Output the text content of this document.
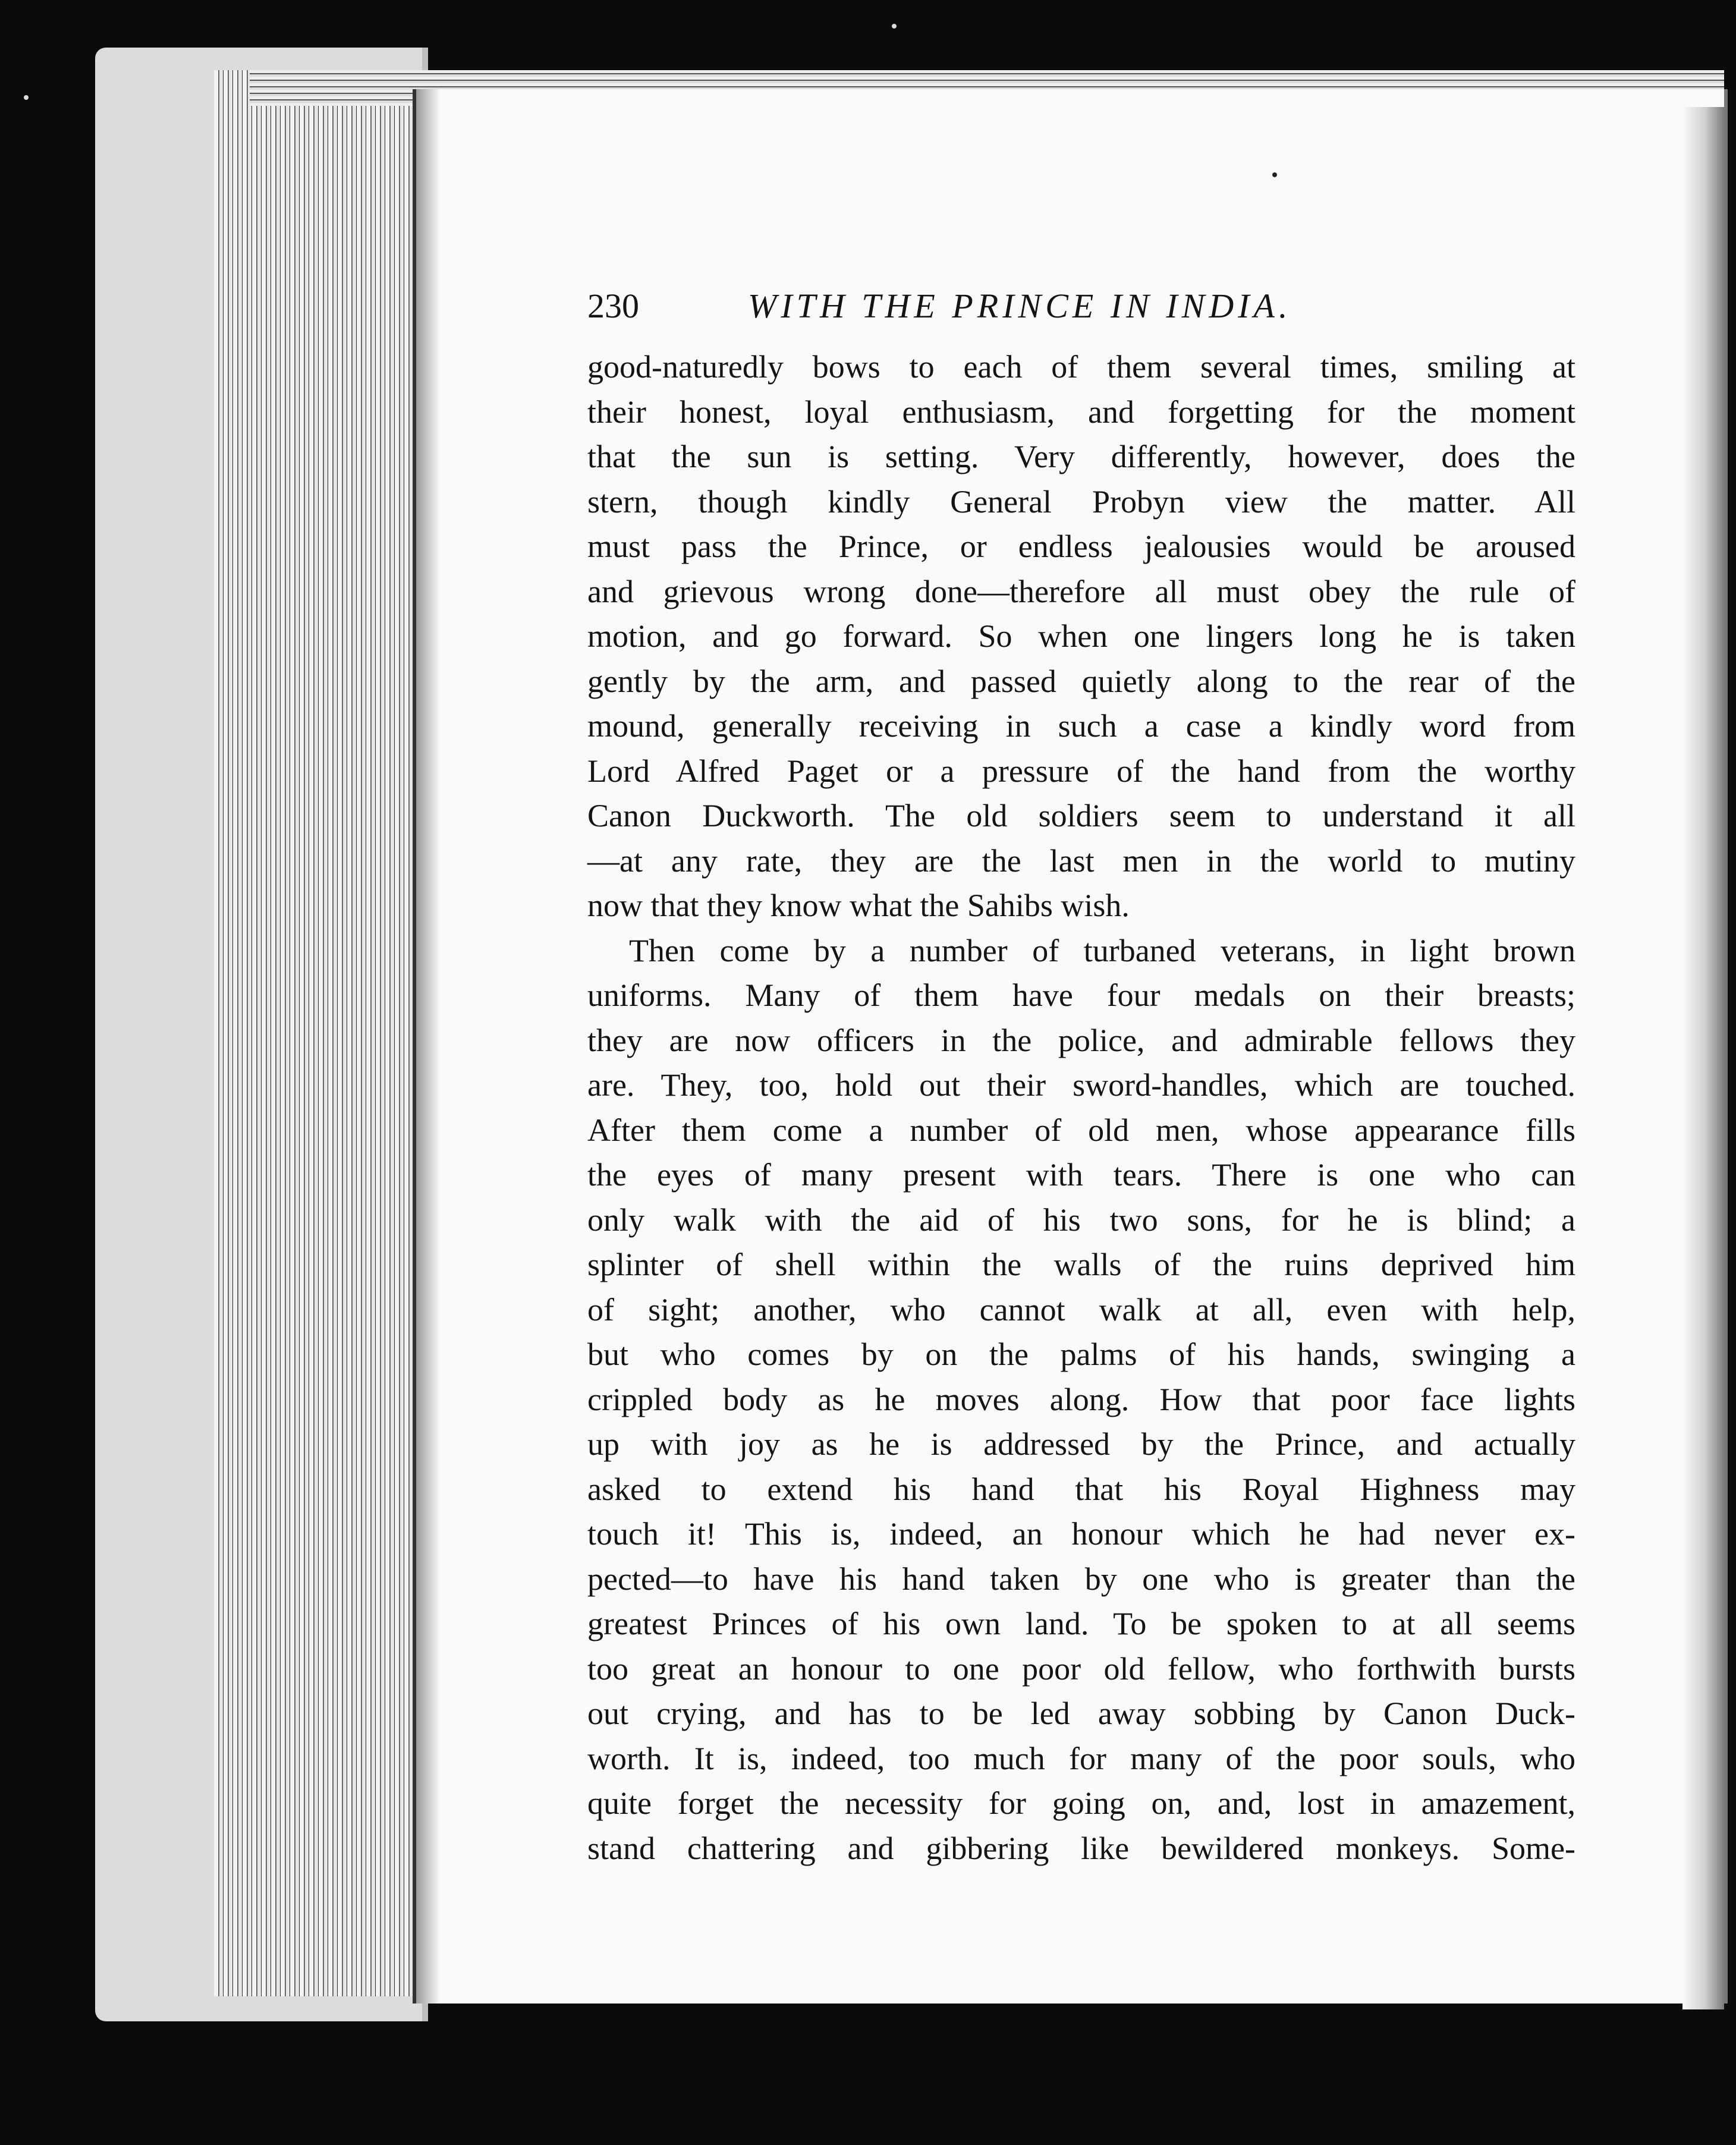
230	WITH THE PRINCE IN INDIA.
good-naturedly bows to each of them several times, smiling at
their honest, loyal enthusiasm, and forgetting for the moment
that the sun is setting. Very differently, however, does the
stern, though kindly General Probyn view the matter. All
must pass the Prince, or endless jealousies would be aroused
and grievous wrong done—therefore all must obey the rule of
motion, and go forward. So when one lingers long he is taken
gently by the arm, and passed quietly along to the rear of the
mound, generally receiving in such a case a kindly word from
Lord Alfred Paget or a pressure of the hand from the worthy
Canon Duckworth. The old soldiers seem to understand it all
—at any rate, they are the last men in the world to mutiny
now that they know what the Sahibs wish.
Then come by a number of turbaned veterans, in light brown
uniforms. Many of them have four medals on their breasts;
they are now officers in the police, and admirable fellows they
are. They, too, hold out their sword-handles, which are touched.
After them come a number of old men, whose appearance fills
the eyes of many present with tears. There is one who can
only walk with the aid of his two sons, for he is blind; a
splinter of shell within the walls of the ruins deprived him
of sight; another, who cannot walk at all, even with help,
but who comes by on the palms of his hands, swinging a
crippled body as he moves along. How that poor face lights
up with joy as he is addressed by the Prince, and actually
asked to extend his hand that his Royal Highness may
touch it! This is, indeed, an honour which he had never ex-
pected—to have his hand taken by one who is greater than the
greatest Princes of his own land. To be spoken to at all seems
too great an honour to one poor old fellow, who forthwith bursts
out crying, and has to be led away sobbing by Canon Duck-
worth. It is, indeed, too much for many of the poor souls, who
quite forget the necessity for going on, and, lost in amazement,
stand chattering and gibbering like bewildered monkeys. Some-
